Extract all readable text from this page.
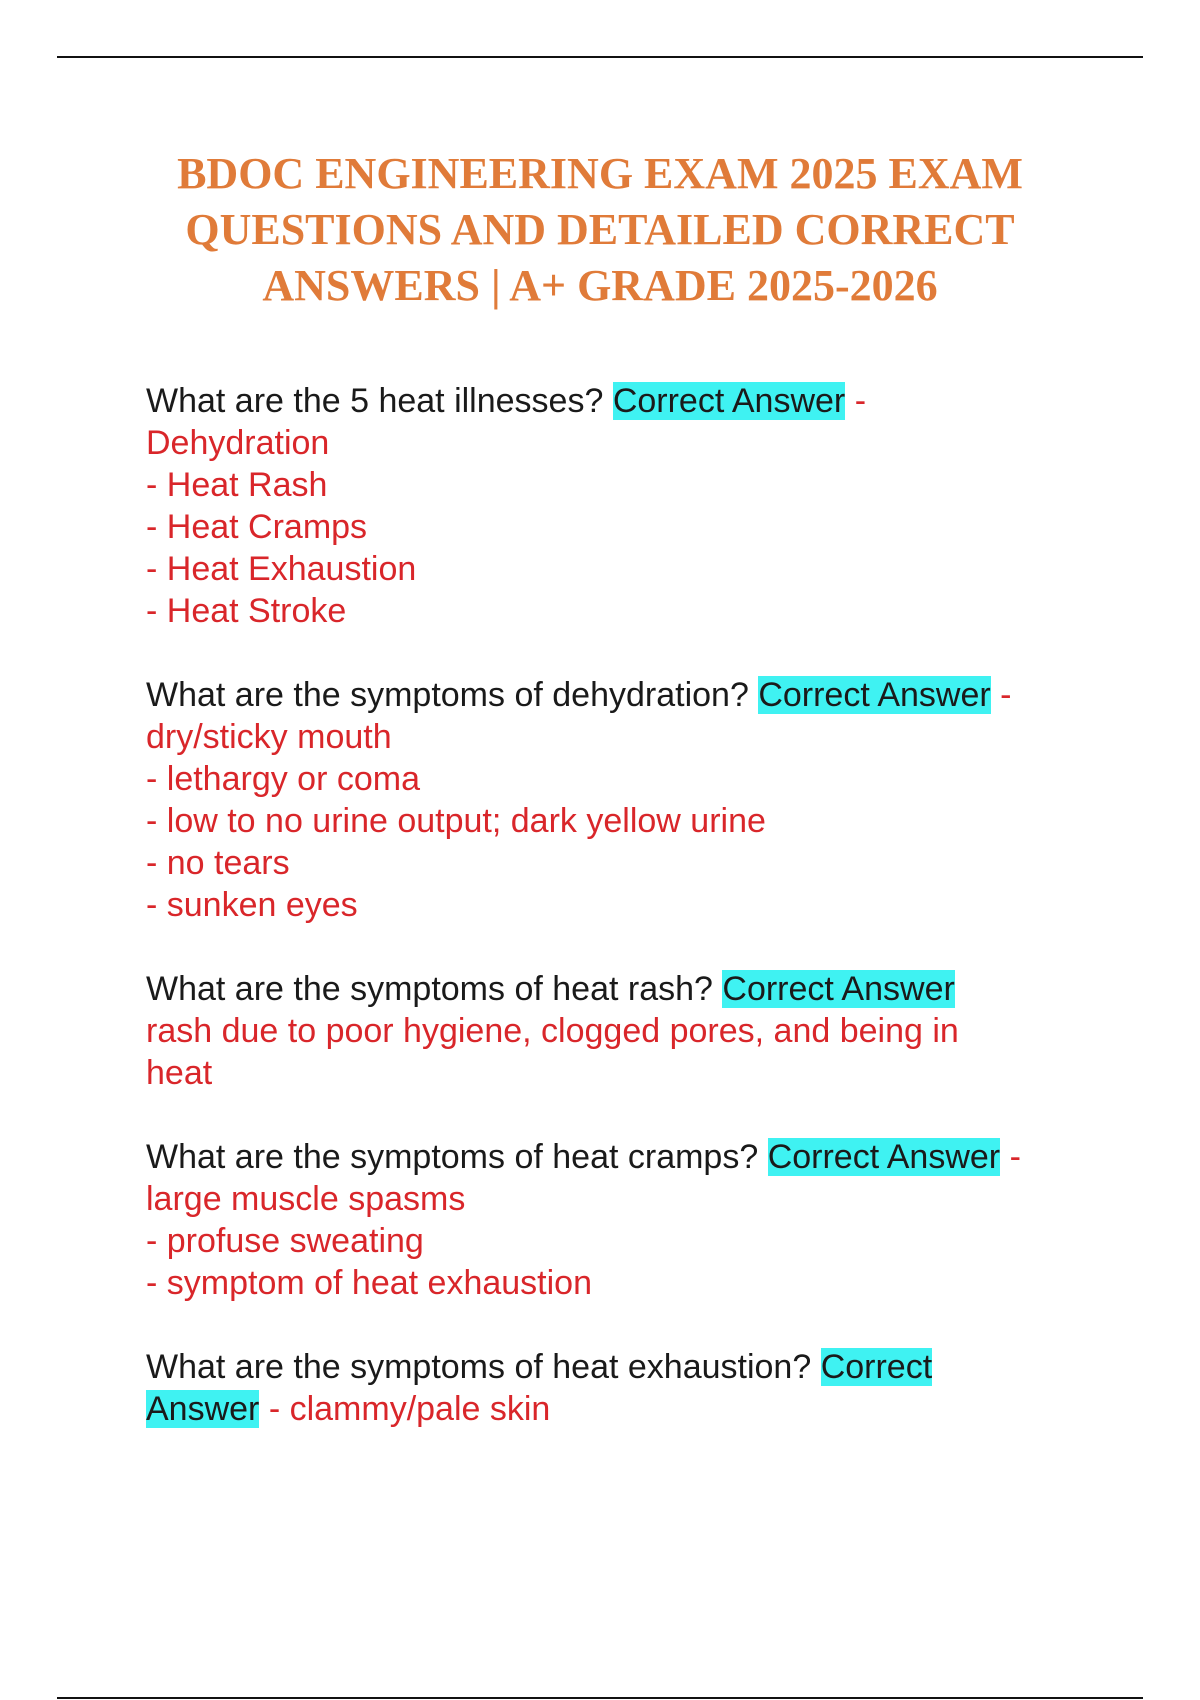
BDOC ENGINEERING EXAM 2025 EXAM QUESTIONS AND DETAILED CORRECT ANSWERS | A+ GRADE 2025-2026
What are the 5 heat illnesses? Correct Answer -
Dehydration
- Heat Rash
- Heat Cramps
- Heat Exhaustion
- Heat Stroke
What are the symptoms of dehydration? Correct Answer -
dry/sticky mouth
- lethargy or coma
- low to no urine output; dark yellow urine
- no tears
- sunken eyes
What are the symptoms of heat rash? Correct Answer
rash due to poor hygiene, clogged pores, and being in
heat
What are the symptoms of heat cramps? Correct Answer -
large muscle spasms
- profuse sweating
- symptom of heat exhaustion
What are the symptoms of heat exhaustion? Correct
Answer - clammy/pale skin
